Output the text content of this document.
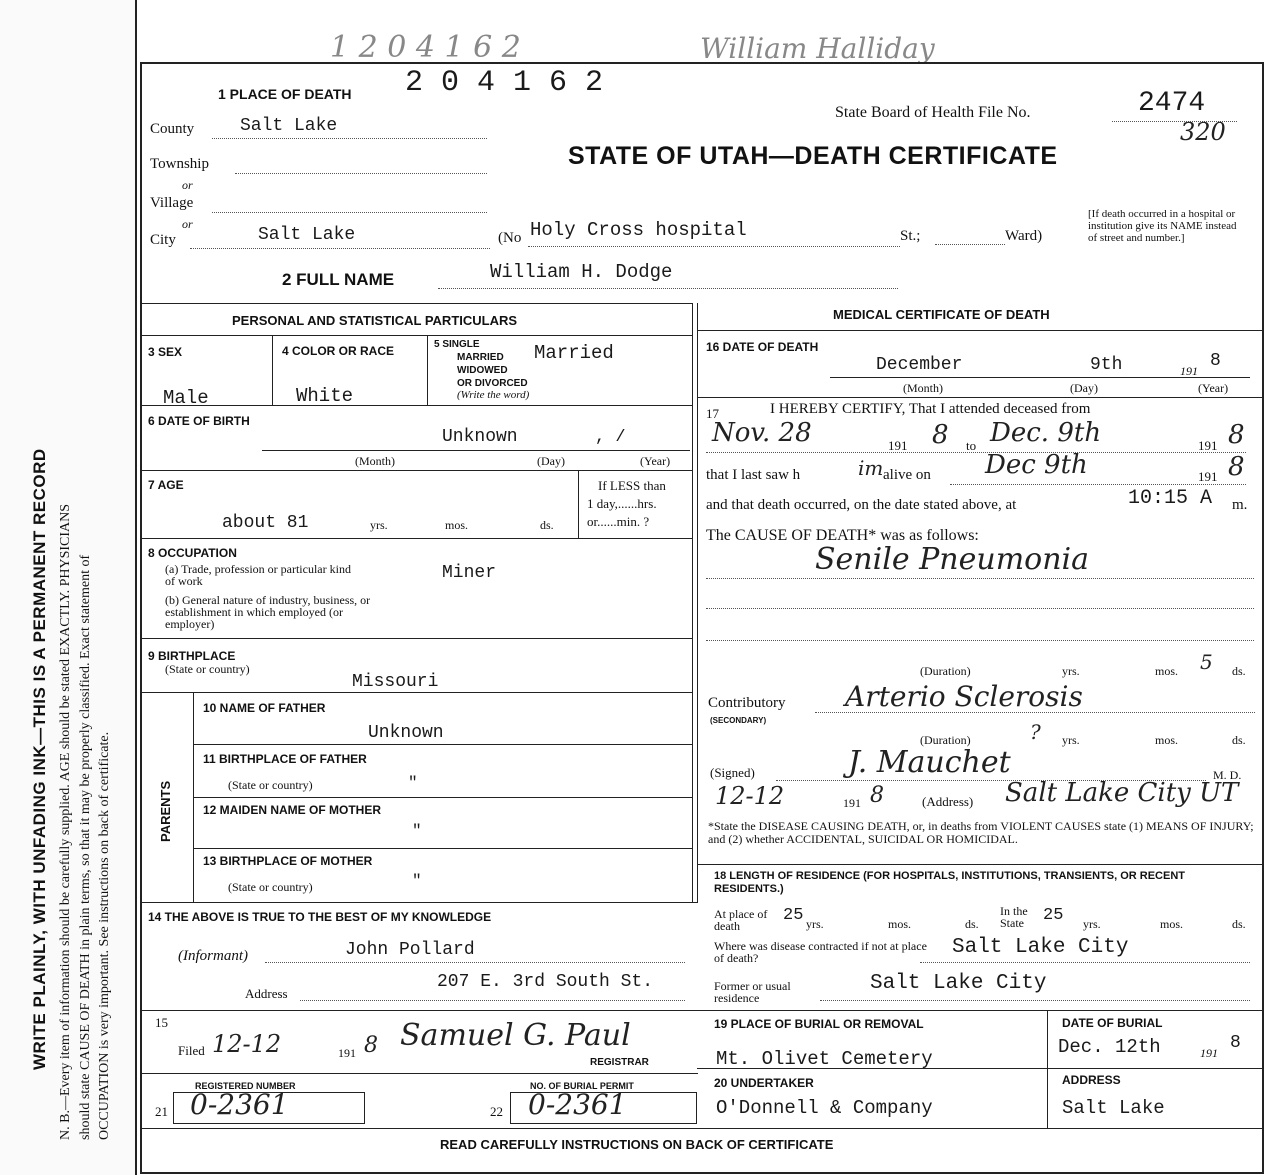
WRITE PLAINLY, WITH UNFADING INK—THIS IS A PERMANENT RECORD N. B.—Every item of information should be carefully supplied. AGE should be stated EXACTLY. PHYSICIANS should state CAUSE OF DEATH in plain terms, so that it may be properly classified. Exact statement of OCCUPATION is very important. See instructions on back of certificate.
1 2 0 4 1 6 2	William Halliday
1 PLACE OF DEATH 2 0 4 1 6 2
County	Salt Lake
Township
or
Village
or
City	Salt Lake	(No Holy Cross hospital	St.;	Ward)
[If death occurred in a hospital or institution give its NAME instead of street and number.]
State Board of Health File No.	2474
320
STATE OF UTAH—DEATH CERTIFICATE
2 FULL NAME	William H. Dodge
PERSONAL AND STATISTICAL PARTICULARS
3 SEX
Male
4 COLOR OR RACE
White
5 SINGLE
MARRIED
WIDOWED
OR DIVORCED
(Write the word)
Married
6 DATE OF BIRTH
Unknown	, /
(Month)	(Day)	(Year)
7 AGE
about 81	yrs.	mos.	ds.
If LESS than
1 day,......hrs.
or......min. ?
8 OCCUPATION
(a) Trade, profession or particular kind of work	Miner
(b) General nature of industry, business, or establishment in which employed (or employer)
9 BIRTHPLACE
(State or country)
Missouri
PARENTS
10 NAME OF FATHER
Unknown
11 BIRTHPLACE OF FATHER
(State or country)	"
12 MAIDEN NAME OF MOTHER
"
13 BIRTHPLACE OF MOTHER
(State or country)	"
14 THE ABOVE IS TRUE TO THE BEST OF MY KNOWLEDGE
(Informant)	John Pollard
Address
207 E. 3rd South St.
15
Filed 12-12	191 8 Samuel G. Paul
REGISTRAR
REGISTERED NUMBER
21 0-2361
NO. OF BURIAL PERMIT
22 0-2361
MEDICAL CERTIFICATE OF DEATH
16 DATE OF DEATH
December	9th	191 8
(Month)	(Day)	(Year)
17	I HEREBY CERTIFY, That I attended deceased from
Nov. 28	191 8 to Dec. 9th	191 8
that I last saw h	im alive on Dec 9th	191 8
and that death occurred, on the date stated above, at	10:15 A m.
The CAUSE OF DEATH* was as follows:
Senile Pneumonia
(Duration)	yrs.	mos. 5 ds.
Contributory
(SECONDARY)
Arterio Sclerosis
(Duration)	? yrs.	mos.	ds.
(Signed)	J. Mauchet	M. D.
12-12	191 8	(Address) Salt Lake City UT
*State the DISEASE CAUSING DEATH, or, in deaths from VIOLENT CAUSES state (1) MEANS OF INJURY; and (2) whether ACCIDENTAL, SUICIDAL OR HOMICIDAL.
18 LENGTH OF RESIDENCE (FOR HOSPITALS, INSTITUTIONS, TRANSIENTS, OR RECENT RESIDENTS.)
At place of death
25 yrs.	mos.	ds.
In the State	25 yrs.	mos.	ds.
Where was disease contracted if not at place of death?	Salt Lake City
Former or usual residence
Salt Lake City
19 PLACE OF BURIAL OR REMOVAL
Mt. Olivet Cemetery
DATE OF BURIAL
Dec. 12th	191 8
20 UNDERTAKER
O'Donnell & Company
ADDRESS
Salt Lake
READ CAREFULLY INSTRUCTIONS ON BACK OF CERTIFICATE
